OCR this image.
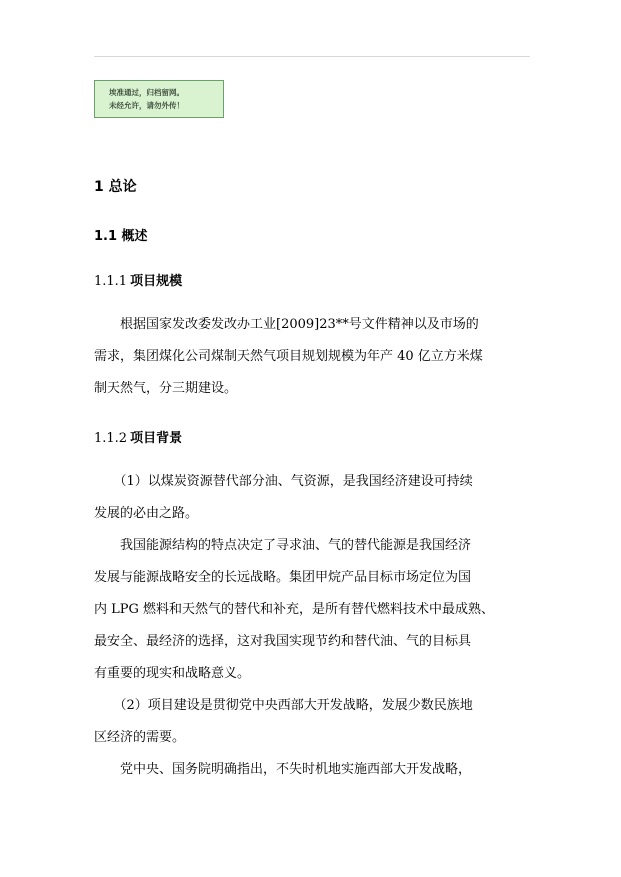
埃准通过，归档留网。
未经允许，请勿外传！
1 总论
1.1 概述
1.1.1 项目规模
　　根据国家发改委发改办工业[2009]23**号文件精神以及市场的
需求，集团煤化公司煤制天然气项目规划规模为年产 40 亿立方米煤
制天然气，分三期建设。
1.1.2 项目背景
　　（1）以煤炭资源替代部分油、气资源，是我国经济建设可持续
发展的必由之路。
　　我国能源结构的特点决定了寻求油、气的替代能源是我国经济
发展与能源战略安全的长远战略。集团甲烷产品目标市场定位为国
内 LPG 燃料和天然气的替代和补充，是所有替代燃料技术中最成熟、
最安全、最经济的选择，这对我国实现节约和替代油、气的目标具
有重要的现实和战略意义。
　　（2）项目建设是贯彻党中央西部大开发战略，发展少数民族地
区经济的需要。
　　党中央、国务院明确指出，不失时机地实施西部大开发战略，
